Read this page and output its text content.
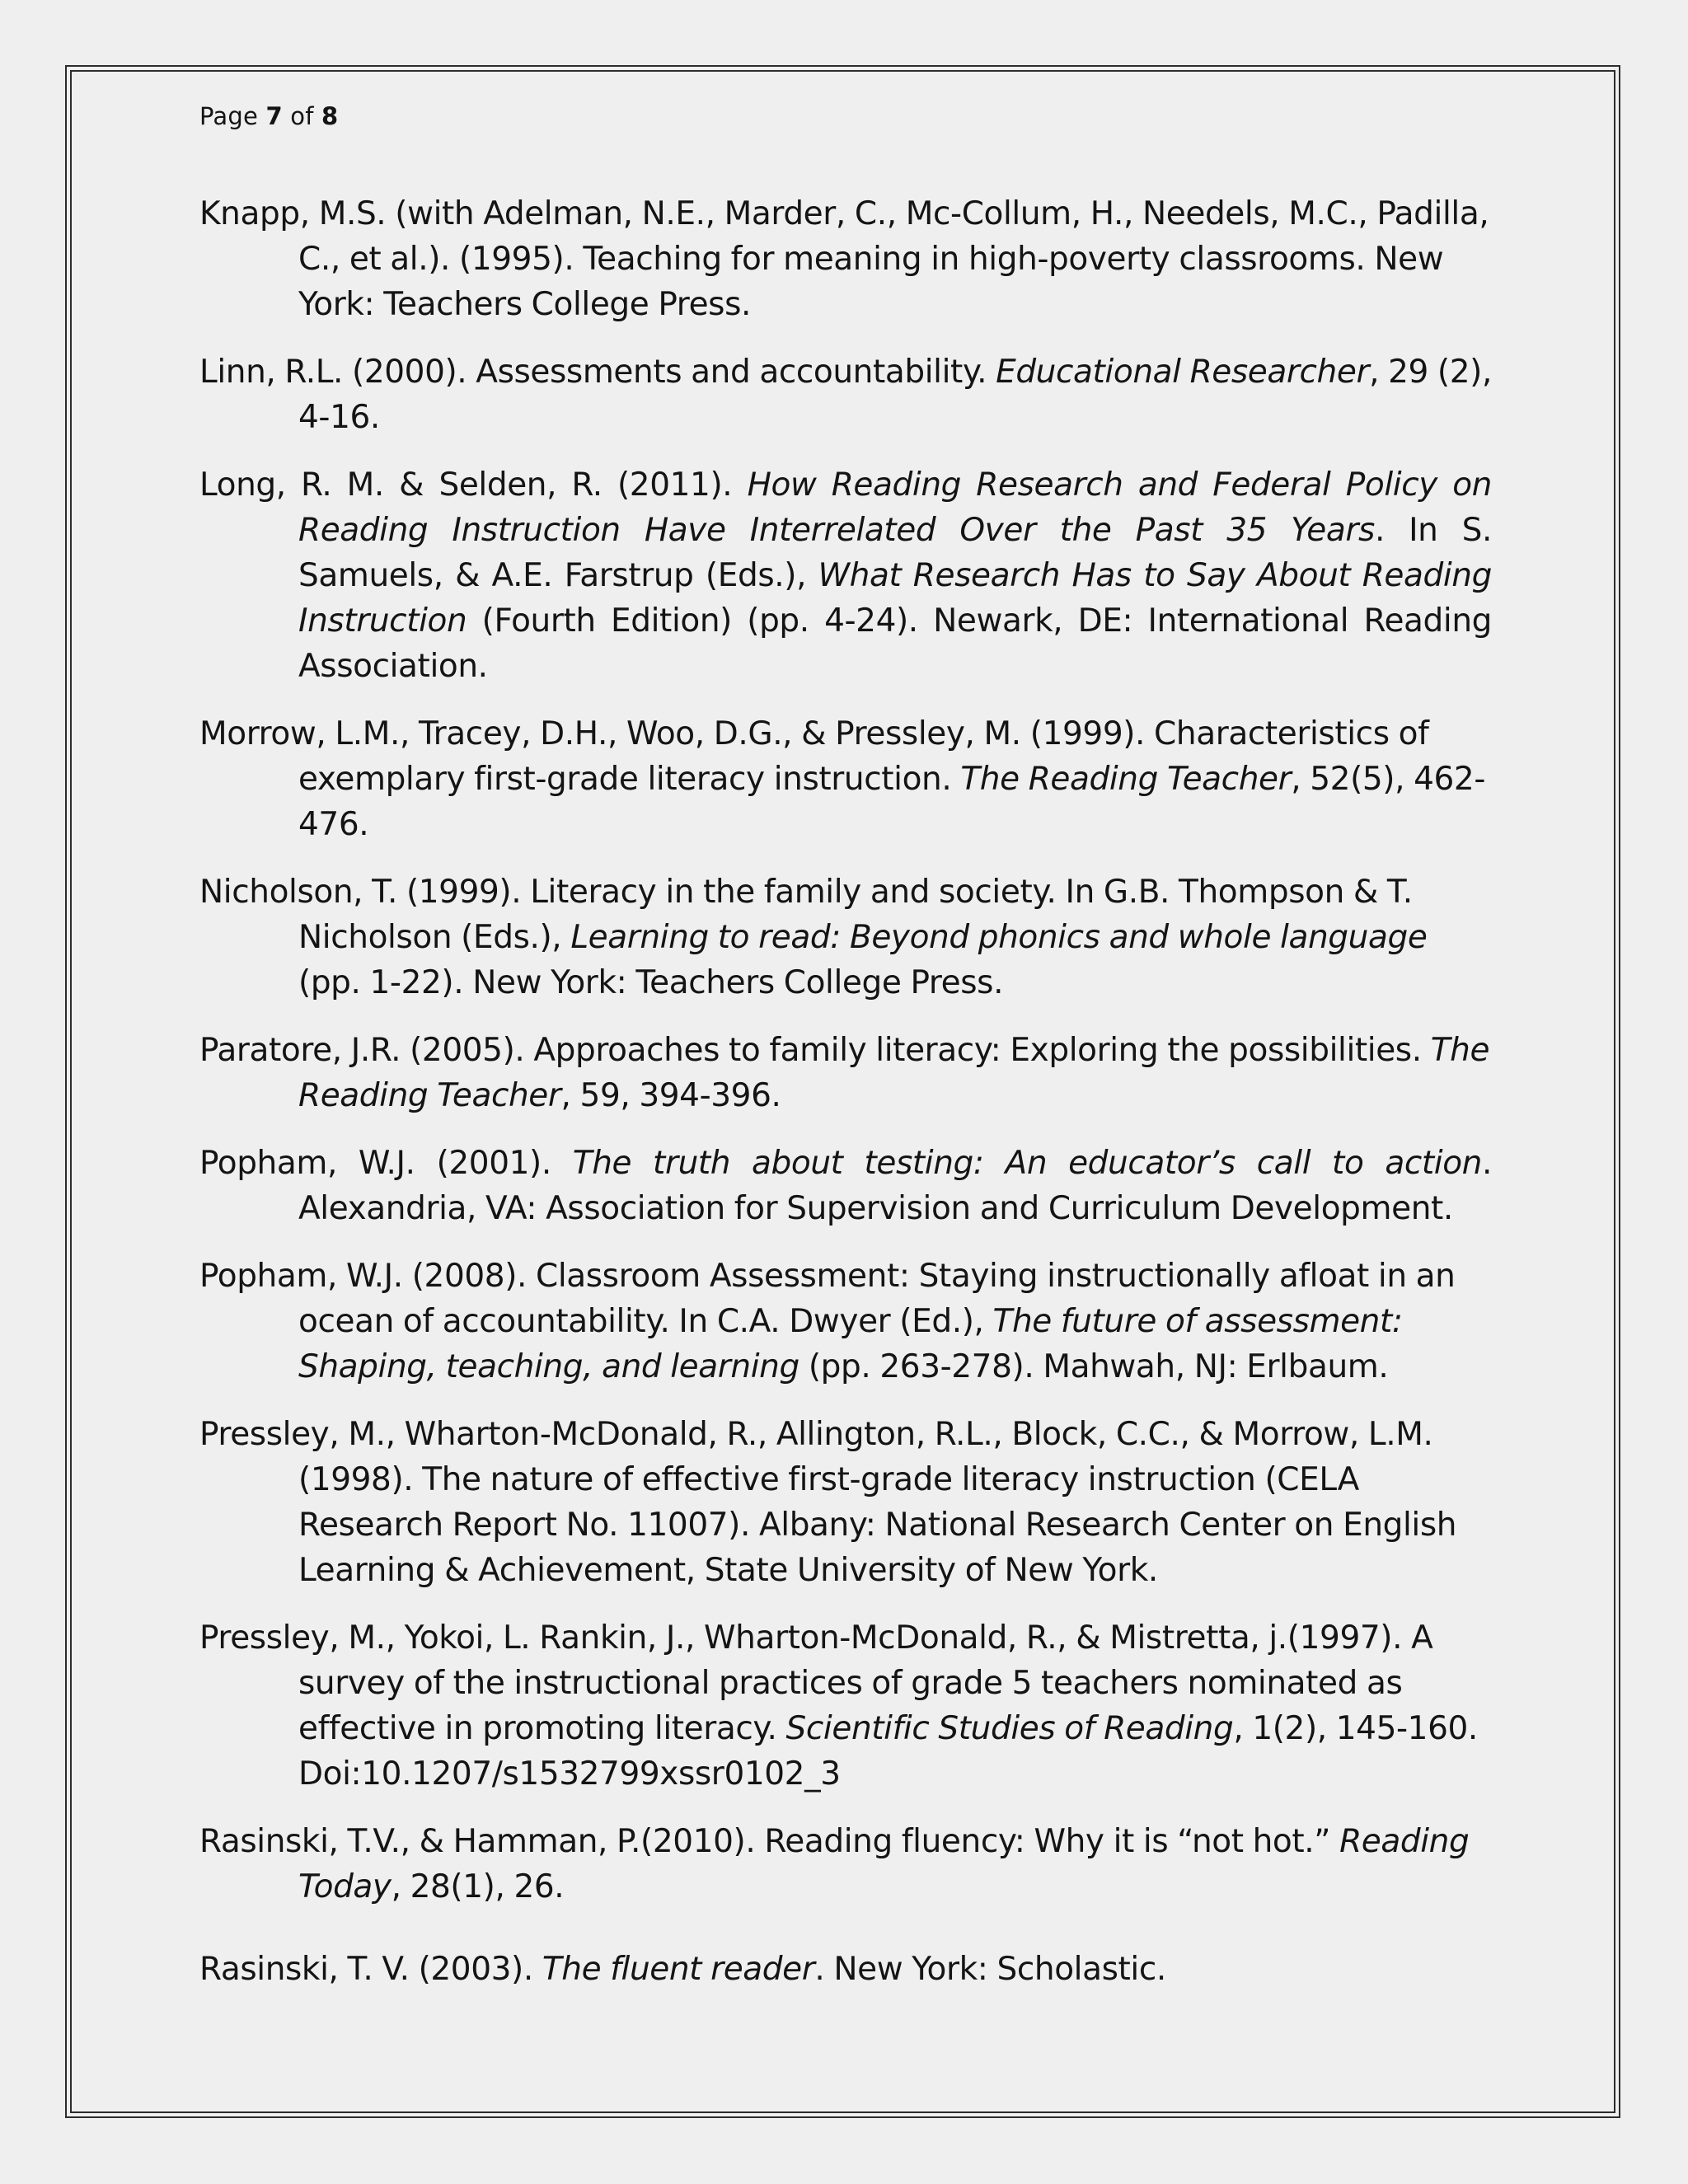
Page 7 of 8

Knapp, M.S. (with Adelman, N.E., Marder, C., Mc-Collum, H., Needels, M.C., Padilla, C., et al.). (1995). Teaching for meaning in high-poverty classrooms. New York: Teachers College Press.

Linn, R.L. (2000). Assessments and accountability. Educational Researcher, 29 (2), 4-16.

Long, R. M. & Selden, R. (2011). How Reading Research and Federal Policy on Reading Instruction Have Interrelated Over the Past 35 Years. In S. Samuels, & A.E. Farstrup (Eds.), What Research Has to Say About Reading Instruction (Fourth Edition) (pp. 4-24). Newark, DE: International Reading Association.

Morrow, L.M., Tracey, D.H., Woo, D.G., & Pressley, M. (1999). Characteristics of exemplary first-grade literacy instruction. The Reading Teacher, 52(5), 462-476.

Nicholson, T. (1999). Literacy in the family and society. In G.B. Thompson & T. Nicholson (Eds.), Learning to read: Beyond phonics and whole language (pp. 1-22). New York: Teachers College Press.

Paratore, J.R. (2005). Approaches to family literacy: Exploring the possibilities. The Reading Teacher, 59, 394-396.

Popham, W.J. (2001). The truth about testing: An educator’s call to action. Alexandria, VA: Association for Supervision and Curriculum Development.

Popham, W.J. (2008). Classroom Assessment: Staying instructionally afloat in an ocean of accountability. In C.A. Dwyer (Ed.), The future of assessment: Shaping, teaching, and learning (pp. 263-278). Mahwah, NJ: Erlbaum.

Pressley, M., Wharton-McDonald, R., Allington, R.L., Block, C.C., & Morrow, L.M. (1998). The nature of effective first-grade literacy instruction (CELA Research Report No. 11007). Albany: National Research Center on English Learning & Achievement, State University of New York.

Pressley, M., Yokoi, L. Rankin, J., Wharton-McDonald, R., & Mistretta, j.(1997). A survey of the instructional practices of grade 5 teachers nominated as effective in promoting literacy. Scientific Studies of Reading, 1(2), 145-160. Doi:10.1207/s1532799xssr0102_3

Rasinski, T.V., & Hamman, P.(2010). Reading fluency: Why it is “not hot.” Reading Today, 28(1), 26.

Rasinski, T. V. (2003). The fluent reader. New York: Scholastic.
